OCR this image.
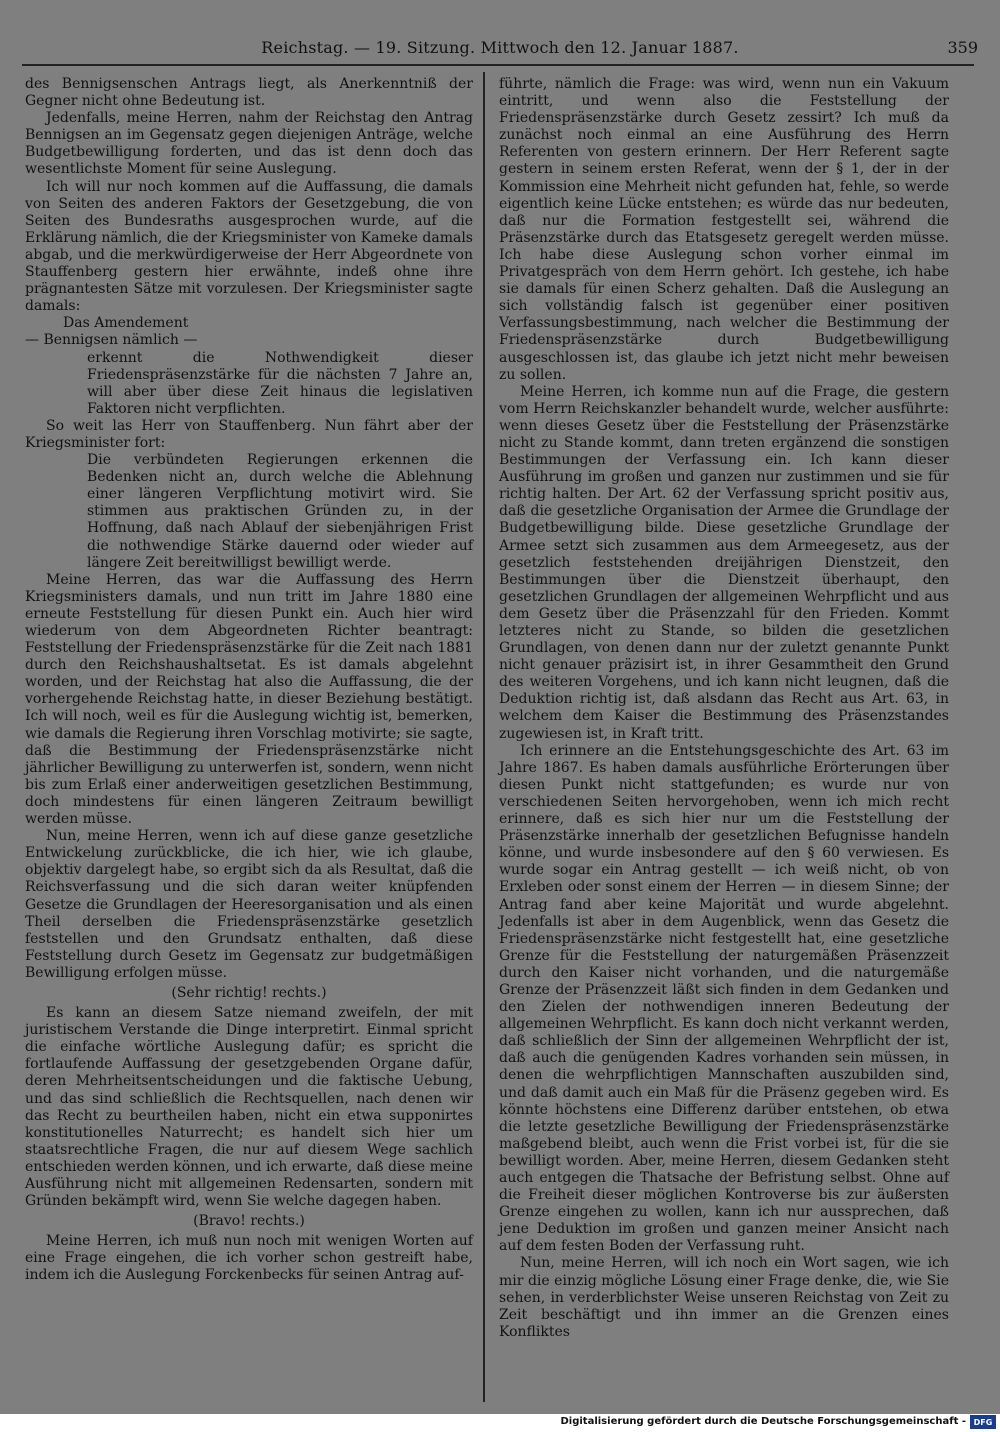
Reichstag. — 19. Sitzung. Mittwoch den 12. Januar 1887.	359

des Bennigsenschen Antrags liegt, als Anerkenntniß der Gegner nicht ohne Bedeutung ist.

Jedenfalls, meine Herren, nahm der Reichstag den Antrag Bennigsen an im Gegensatz gegen diejenigen Anträge, welche Budgetbewilligung forderten, und das ist denn doch das wesentlichste Moment für seine Auslegung.

Ich will nur noch kommen auf die Auffassung, die damals von Seiten des anderen Faktors der Gesetzgebung, die von Seiten des Bundesraths ausgesprochen wurde, auf die Erklärung nämlich, die der Kriegsminister von Kameke damals abgab, und die merkwürdigerweise der Herr Abgeordnete von Stauffenberg gestern hier erwähnte, indeß ohne ihre prägnantesten Sätze mit vorzulesen. Der Kriegsminister sagte damals:

Das Amendement

— Bennigsen nämlich —

erkennt die Nothwendigkeit dieser Friedenspräsenzstärke für die nächsten 7 Jahre an, will aber über diese Zeit hinaus die legislativen Faktoren nicht verpflichten.

So weit las Herr von Stauffenberg. Nun fährt aber der Kriegsminister fort:

Die verbündeten Regierungen erkennen die Bedenken nicht an, durch welche die Ablehnung einer längeren Verpflichtung motivirt wird. Sie stimmen aus praktischen Gründen zu, in der Hoffnung, daß nach Ablauf der siebenjährigen Frist die nothwendige Stärke dauernd oder wieder auf längere Zeit bereitwilligst bewilligt werde.

Meine Herren, das war die Auffassung des Herrn Kriegsministers damals, und nun tritt im Jahre 1880 eine erneute Feststellung für diesen Punkt ein. Auch hier wird wiederum von dem Abgeordneten Richter beantragt: Feststellung der Friedenspräsenzstärke für die Zeit nach 1881 durch den Reichshaushaltsetat. Es ist damals abgelehnt worden, und der Reichstag hat also die Auffassung, die der vorhergehende Reichstag hatte, in dieser Beziehung bestätigt. Ich will noch, weil es für die Auslegung wichtig ist, bemerken, wie damals die Regierung ihren Vorschlag motivirte; sie sagte, daß die Bestimmung der Friedenspräsenzstärke nicht jährlicher Bewilligung zu unterwerfen ist, sondern, wenn nicht bis zum Erlaß einer anderweitigen gesetzlichen Bestimmung, doch mindestens für einen längeren Zeitraum bewilligt werden müsse.

Nun, meine Herren, wenn ich auf diese ganze gesetzliche Entwickelung zurückblicke, die ich hier, wie ich glaube, objektiv dargelegt habe, so ergibt sich da als Resultat, daß die Reichsverfassung und die sich daran weiter knüpfenden Gesetze die Grundlagen der Heeresorganisation und als einen Theil derselben die Friedenspräsenzstärke gesetzlich feststellen und den Grundsatz enthalten, daß diese Feststellung durch Gesetz im Gegensatz zur budgetmäßigen Bewilligung erfolgen müsse.

(Sehr richtig! rechts.)

Es kann an diesem Satze niemand zweifeln, der mit juristischem Verstande die Dinge interpretirt. Einmal spricht die einfache wörtliche Auslegung dafür; es spricht die fortlaufende Auffassung der gesetzgebenden Organe dafür, deren Mehrheitsentscheidungen und die faktische Uebung, und das sind schließlich die Rechtsquellen, nach denen wir das Recht zu beurtheilen haben, nicht ein etwa supponirtes konstitutionelles Naturrecht; es handelt sich hier um staatsrechtliche Fragen, die nur auf diesem Wege sachlich entschieden werden können, und ich erwarte, daß diese meine Ausführung nicht mit allgemeinen Redensarten, sondern mit Gründen bekämpft wird, wenn Sie welche dagegen haben.

(Bravo! rechts.)

Meine Herren, ich muß nun noch mit wenigen Worten auf eine Frage eingehen, die ich vorher schon gestreift habe, indem ich die Auslegung Forckenbecks für seinen Antrag auf-

führte, nämlich die Frage: was wird, wenn nun ein Vakuum eintritt, und wenn also die Feststellung der Friedenspräsenzstärke durch Gesetz zessirt? Ich muß da zunächst noch einmal an eine Ausführung des Herrn Referenten von gestern erinnern. Der Herr Referent sagte gestern in seinem ersten Referat, wenn der § 1, der in der Kommission eine Mehrheit nicht gefunden hat, fehle, so werde eigentlich keine Lücke entstehen; es würde das nur bedeuten, daß nur die Formation festgestellt sei, während die Präsenzstärke durch das Etatsgesetz geregelt werden müsse. Ich habe diese Auslegung schon vorher einmal im Privatgespräch von dem Herrn gehört. Ich gestehe, ich habe sie damals für einen Scherz gehalten. Daß die Auslegung an sich vollständig falsch ist gegenüber einer positiven Verfassungsbestimmung, nach welcher die Bestimmung der Friedenspräsenzstärke durch Budgetbewilligung ausgeschlossen ist, das glaube ich jetzt nicht mehr beweisen zu sollen.

Meine Herren, ich komme nun auf die Frage, die gestern vom Herrn Reichskanzler behandelt wurde, welcher ausführte: wenn dieses Gesetz über die Feststellung der Präsenzstärke nicht zu Stande kommt, dann treten ergänzend die sonstigen Bestimmungen der Verfassung ein. Ich kann dieser Ausführung im großen und ganzen nur zustimmen und sie für richtig halten. Der Art. 62 der Verfassung spricht positiv aus, daß die gesetzliche Organisation der Armee die Grundlage der Budgetbewilligung bilde. Diese gesetzliche Grundlage der Armee setzt sich zusammen aus dem Armeegesetz, aus der gesetzlich feststehenden dreijährigen Dienstzeit, den Bestimmungen über die Dienstzeit überhaupt, den gesetzlichen Grundlagen der allgemeinen Wehrpflicht und aus dem Gesetz über die Präsenzzahl für den Frieden. Kommt letzteres nicht zu Stande, so bilden die gesetzlichen Grundlagen, von denen dann nur der zuletzt genannte Punkt nicht genauer präzisirt ist, in ihrer Gesammtheit den Grund des weiteren Vorgehens, und ich kann nicht leugnen, daß die Deduktion richtig ist, daß alsdann das Recht aus Art. 63, in welchem dem Kaiser die Bestimmung des Präsenzstandes zugewiesen ist, in Kraft tritt.

Ich erinnere an die Entstehungsgeschichte des Art. 63 im Jahre 1867. Es haben damals ausführliche Erörterungen über diesen Punkt nicht stattgefunden; es wurde nur von verschiedenen Seiten hervorgehoben, wenn ich mich recht erinnere, daß es sich hier nur um die Feststellung der Präsenzstärke innerhalb der gesetzlichen Befugnisse handeln könne, und wurde insbesondere auf den § 60 verwiesen. Es wurde sogar ein Antrag gestellt — ich weiß nicht, ob von Erxleben oder sonst einem der Herren — in diesem Sinne; der Antrag fand aber keine Majorität und wurde abgelehnt. Jedenfalls ist aber in dem Augenblick, wenn das Gesetz die Friedenspräsenzstärke nicht festgestellt hat, eine gesetzliche Grenze für die Feststellung der naturgemäßen Präsenzzeit durch den Kaiser nicht vorhanden, und die naturgemäße Grenze der Präsenzzeit läßt sich finden in dem Gedanken und den Zielen der nothwendigen inneren Bedeutung der allgemeinen Wehrpflicht. Es kann doch nicht verkannt werden, daß schließlich der Sinn der allgemeinen Wehrpflicht der ist, daß auch die genügenden Kadres vorhanden sein müssen, in denen die wehrpflichtigen Mannschaften auszubilden sind, und daß damit auch ein Maß für die Präsenz gegeben wird. Es könnte höchstens eine Differenz darüber entstehen, ob etwa die letzte gesetzliche Bewilligung der Friedenspräsenzstärke maßgebend bleibt, auch wenn die Frist vorbei ist, für die sie bewilligt worden. Aber, meine Herren, diesem Gedanken steht auch entgegen die Thatsache der Befristung selbst. Ohne auf die Freiheit dieser möglichen Kontroverse bis zur äußersten Grenze eingehen zu wollen, kann ich nur aussprechen, daß jene Deduktion im großen und ganzen meiner Ansicht nach auf dem festen Boden der Verfassung ruht.

Nun, meine Herren, will ich noch ein Wort sagen, wie ich mir die einzig mögliche Lösung einer Frage denke, die, wie Sie sehen, in verderblichster Weise unseren Reichstag von Zeit zu Zeit beschäftigt und ihn immer an die Grenzen eines Konfliktes

Digitalisierung gefördert durch die Deutsche Forschungsgemeinschaft - DFG
